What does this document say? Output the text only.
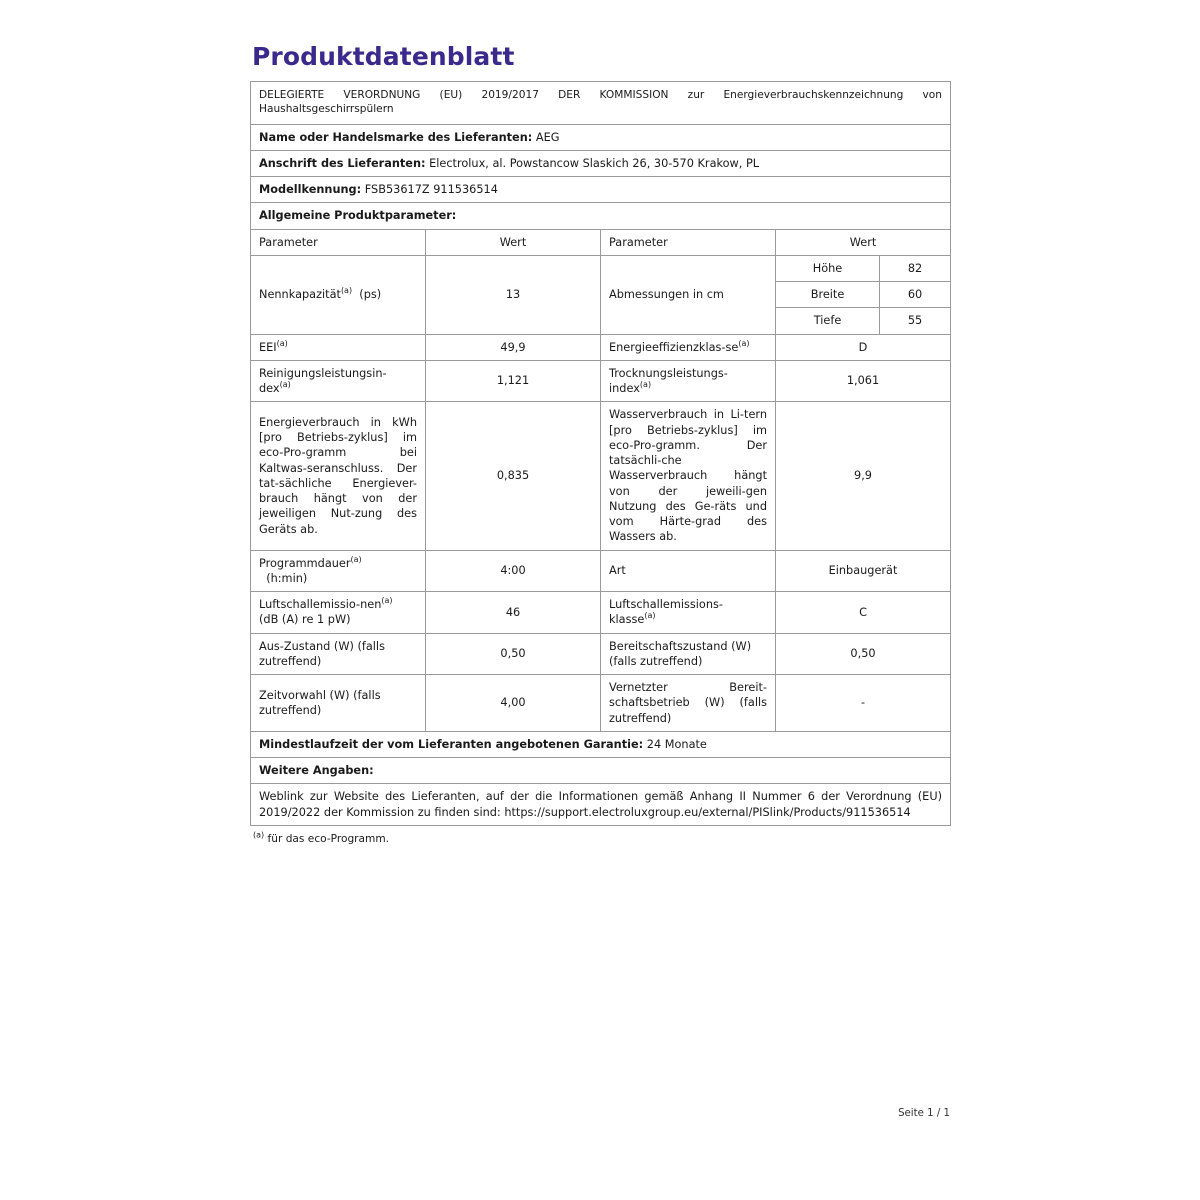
Produktdatenblatt
DELEGIERTE VERORDNUNG (EU) 2019/2017 DER KOMMISSION zur Energieverbrauchskennzeichnung von Haushaltsgeschirrspülern
Name oder Handelsmarke des Lieferanten: AEG
Anschrift des Lieferanten: Electrolux, al. Powstancow Slaskich 26, 30-570 Krakow, PL
Modellkennung: FSB53617Z 911536514
Allgemeine Produktparameter:
Parameter	Wert	Parameter	Wert
Nennkapazität$^{(a)}$ (ps)	13	Abmessungen in cm	
Höhe	82
Breite	60
Tiefe	55

EEI$^{(a)}$	49,9	Energieeffizienzklas-$se^{(a)}$	D
Reinigungsleistungsin-dex$^{(a)}$	1,121	Trocknungsleistungs-index$^{(a)}$	1,061
Energieverbrauch in kWh [pro Betriebs-zyklus] im eco-Pro-gramm bei Kaltwas-seranschluss. Der tat-sächliche Energiever-brauch hängt von der jeweiligen Nut-zung des Geräts ab.	0,835	Wasserverbrauch in Li-tern [pro Betriebs-zyklus] im eco-Pro-gramm. Der tatsächli-che Wasserverbrauch hängt von der jeweili-gen Nutzung des Ge-räts und vom Härte-grad des Wassers ab.	9,9
Programmdauer$^{(a)}$
(h:min)	4:00	Art	Einbaugerät
Luftschallemissio-nen$^{(a)}$  (dB (A) re 1 pW)	46	Luftschallemissions-klasse$^{(a)}$	C
Aus-Zustand (W) (falls zutreffend)	0,50	Bereitschaftszustand (W) (falls zutreffend)	0,50
Zeitvorwahl (W) (falls zutreffend)	4,00	Vernetzter Bereit-schaftsbetrieb (W) (falls zutreffend)	-
Mindestlaufzeit der vom Lieferanten angebotenen Garantie: 24 Monate
Weitere Angaben:
Weblink zur Website des Lieferanten, auf der die Informationen gemäß Anhang II Nummer 6 der Verordnung (EU) 2019/2022 der Kommission zu finden sind: https://support.electroluxgroup.eu/external/PISlink/Products/911536514
$^{(a)}$ für das eco-Programm.
Seite 1 / 1
